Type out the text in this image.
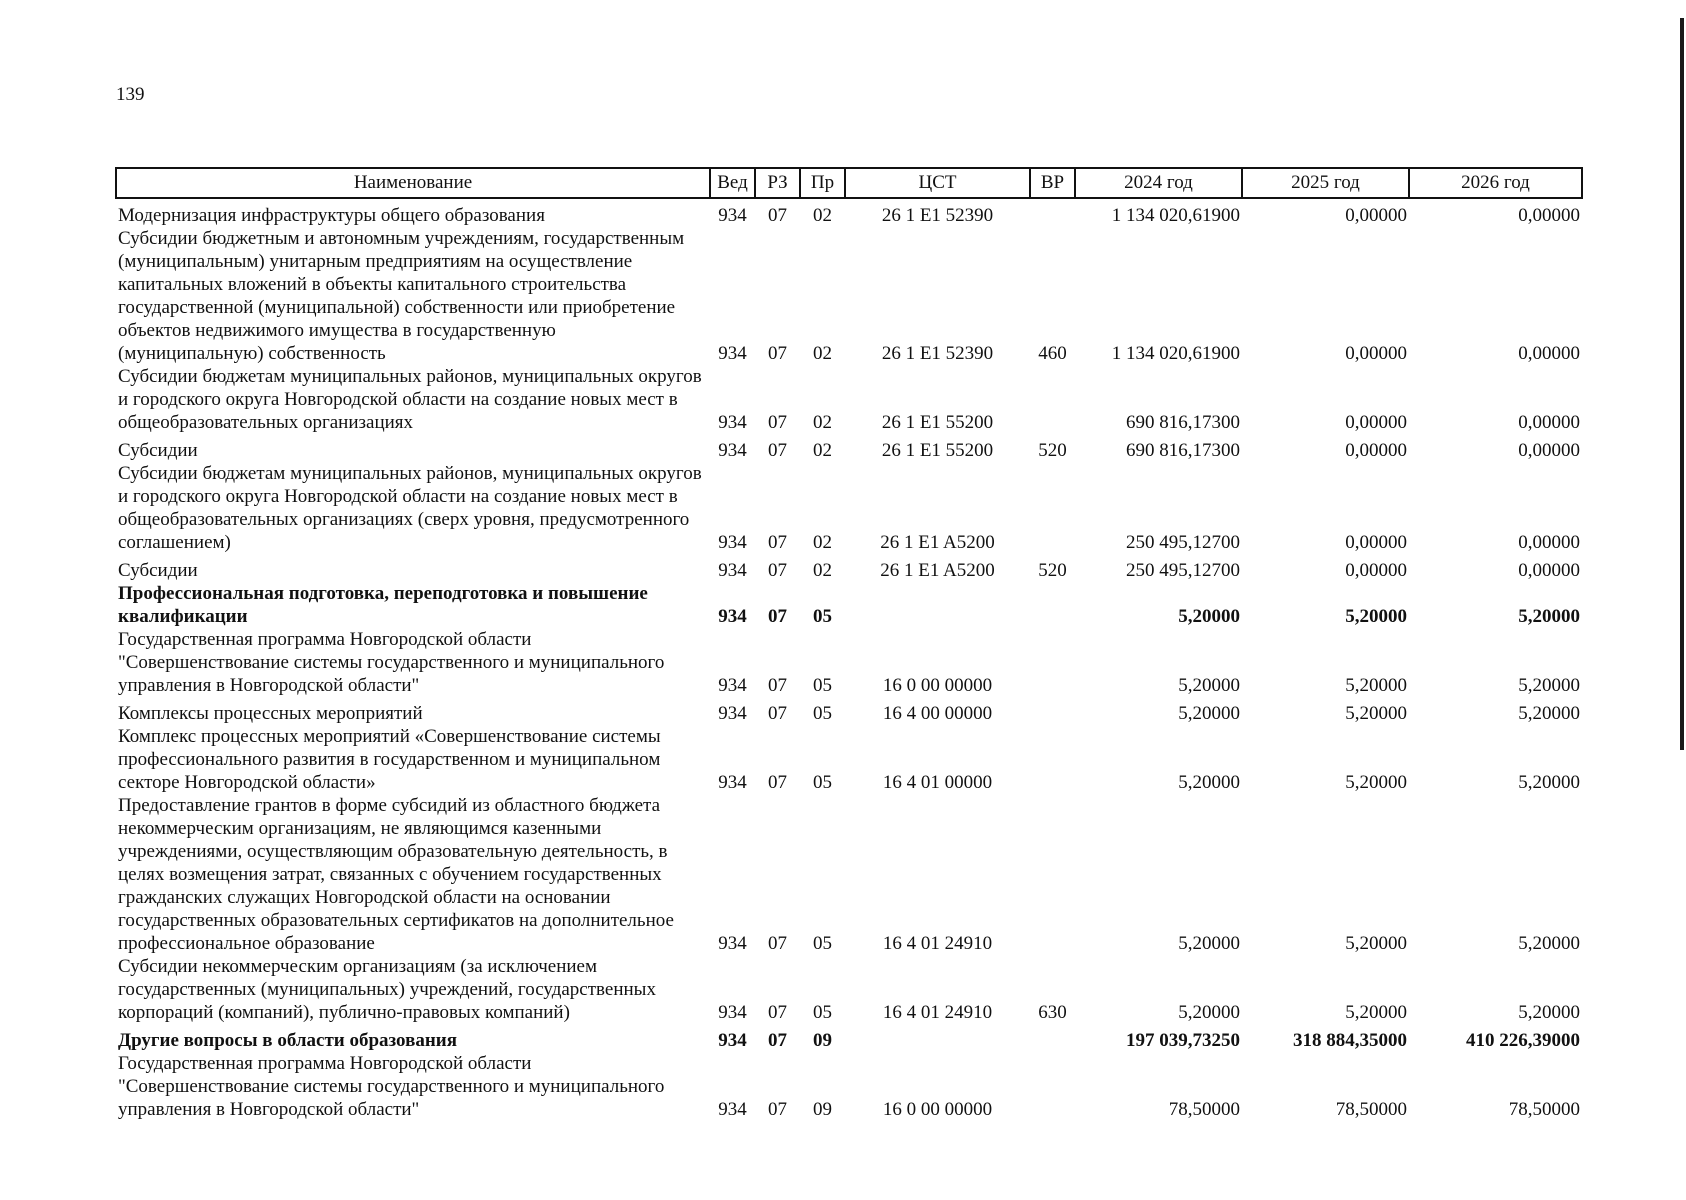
139
Наименование	Вед	РЗ	Пр	ЦСТ	ВР	2024 год	2025 год	2026 год
Модернизация инфраструктуры общего образования	934	07	02	26 1 E1 52390		1 134 020,61900	0,00000	0,00000
Субсидии бюджетным и автономным учреждениям, государственным (муниципальным) унитарным предприятиям на осуществление капитальных вложений в объекты капитального строительства государственной (муниципальной) собственности или приобретение объектов недвижимого имущества в государственную (муниципальную) собственность	934	07	02	26 1 E1 52390	460	1 134 020,61900	0,00000	0,00000
Субсидии бюджетам муниципальных районов, муниципальных округов и городского округа Новгородской области на создание новых мест в общеобразовательных организациях	934	07	02	26 1 E1 55200		690 816,17300	0,00000	0,00000
Субсидии	934	07	02	26 1 E1 55200	520	690 816,17300	0,00000	0,00000
Субсидии бюджетам муниципальных районов, муниципальных округов и городского округа Новгородской области на создание новых мест в общеобразовательных организациях (сверх уровня, предусмотренного соглашением)	934	07	02	26 1 E1 A5200		250 495,12700	0,00000	0,00000
Субсидии	934	07	02	26 1 E1 A5200	520	250 495,12700	0,00000	0,00000
Профессиональная подготовка, переподготовка и повышение квалификации	934	07	05			5,20000	5,20000	5,20000
Государственная программа Новгородской области "Совершенствование системы государственного и муниципального управления в Новгородской области"	934	07	05	16 0 00 00000		5,20000	5,20000	5,20000
Комплексы процессных мероприятий	934	07	05	16 4 00 00000		5,20000	5,20000	5,20000
Комплекс процессных мероприятий «Совершенствование системы профессионального развития в государственном и муниципальном секторе Новгородской области»	934	07	05	16 4 01 00000		5,20000	5,20000	5,20000
Предоставление грантов в форме субсидий из областного бюджета некоммерческим организациям, не являющимся казенными учреждениями, осуществляющим образовательную деятельность, в целях возмещения затрат, связанных с обучением государственных гражданских служащих Новгородской области на основании государственных образовательных сертификатов на дополнительное профессиональное образование	934	07	05	16 4 01 24910		5,20000	5,20000	5,20000
Субсидии некоммерческим организациям (за исключением государственных (муниципальных) учреждений, государственных корпораций (компаний), публично-правовых компаний)	934	07	05	16 4 01 24910	630	5,20000	5,20000	5,20000
Другие вопросы в области образования	934	07	09			197 039,73250	318 884,35000	410 226,39000
Государственная программа Новгородской области "Совершенствование системы государственного и муниципального управления в Новгородской области"	934	07	09	16 0 00 00000		78,50000	78,50000	78,50000
